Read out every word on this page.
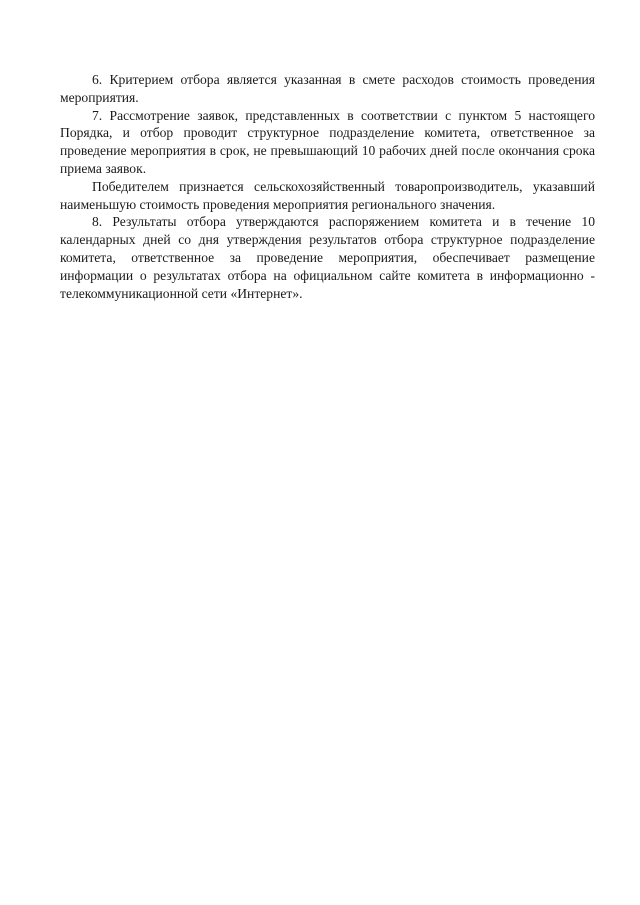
6. Критерием отбора является указанная в смете расходов стоимость проведения мероприятия.

7. Рассмотрение заявок, представленных в соответствии с пунктом 5 настоящего Порядка, и отбор проводит структурное подразделение комитета, ответственное за проведение мероприятия в срок, не превышающий 10 рабочих дней после окончания срока приема заявок.

Победителем признается сельскохозяйственный товаропроизводитель, указавший наименьшую стоимость проведения мероприятия регионального значения.

8. Результаты отбора утверждаются распоряжением комитета и в течение 10 календарных дней со дня утверждения результатов отбора структурное подразделение комитета, ответственное за проведение мероприятия, обеспечивает размещение информации о результатах отбора на официальном сайте комитета в информационно - телекоммуникационной сети «Интернет».
